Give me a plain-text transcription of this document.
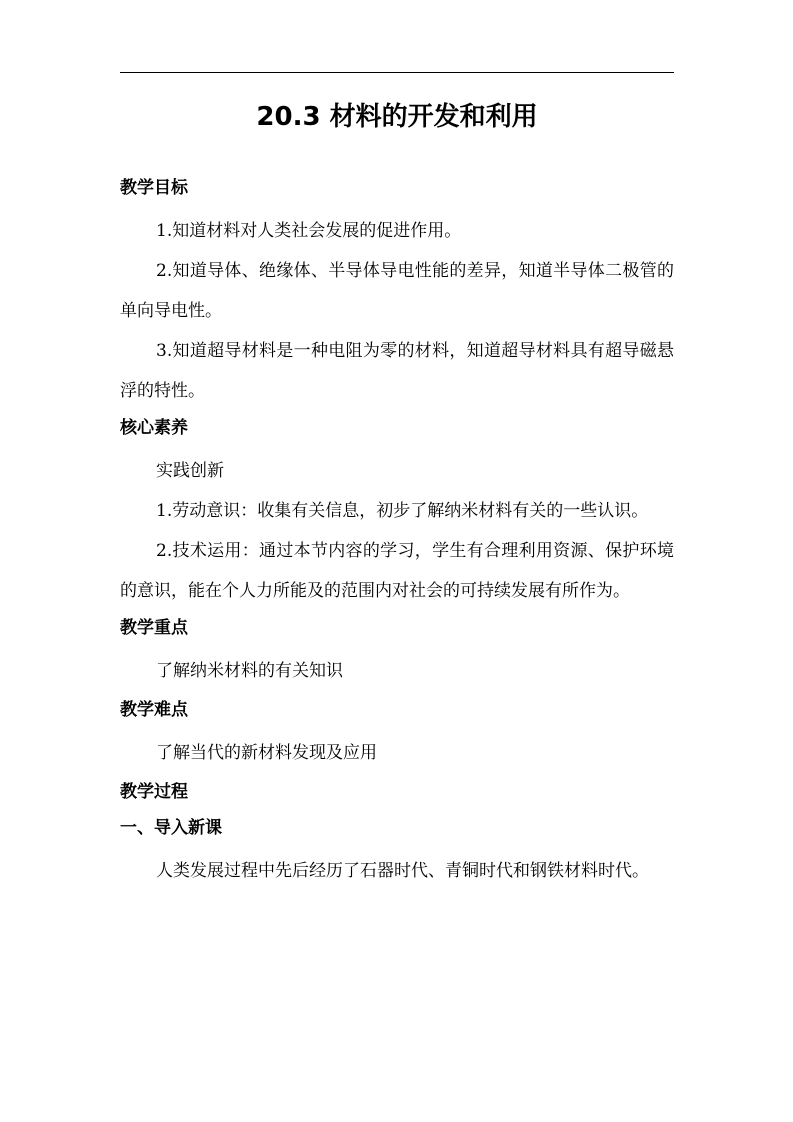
20.3 材料的开发和利用
教学目标

1.知道材料对人类社会发展的促进作用。

2.知道导体、绝缘体、半导体导电性能的差异，知道半导体二极管的单向导电性。

3.知道超导材料是一种电阻为零的材料，知道超导材料具有超导磁悬浮的特性。

核心素养

实践创新

1.劳动意识：收集有关信息，初步了解纳米材料有关的一些认识。

2.技术运用：通过本节内容的学习，学生有合理利用资源、保护环境的意识，能在个人力所能及的范围内对社会的可持续发展有所作为。

教学重点

了解纳米材料的有关知识

教学难点

了解当代的新材料发现及应用

教学过程
一、导入新课

人类发展过程中先后经历了石器时代、青铜时代和钢铁材料时代。
